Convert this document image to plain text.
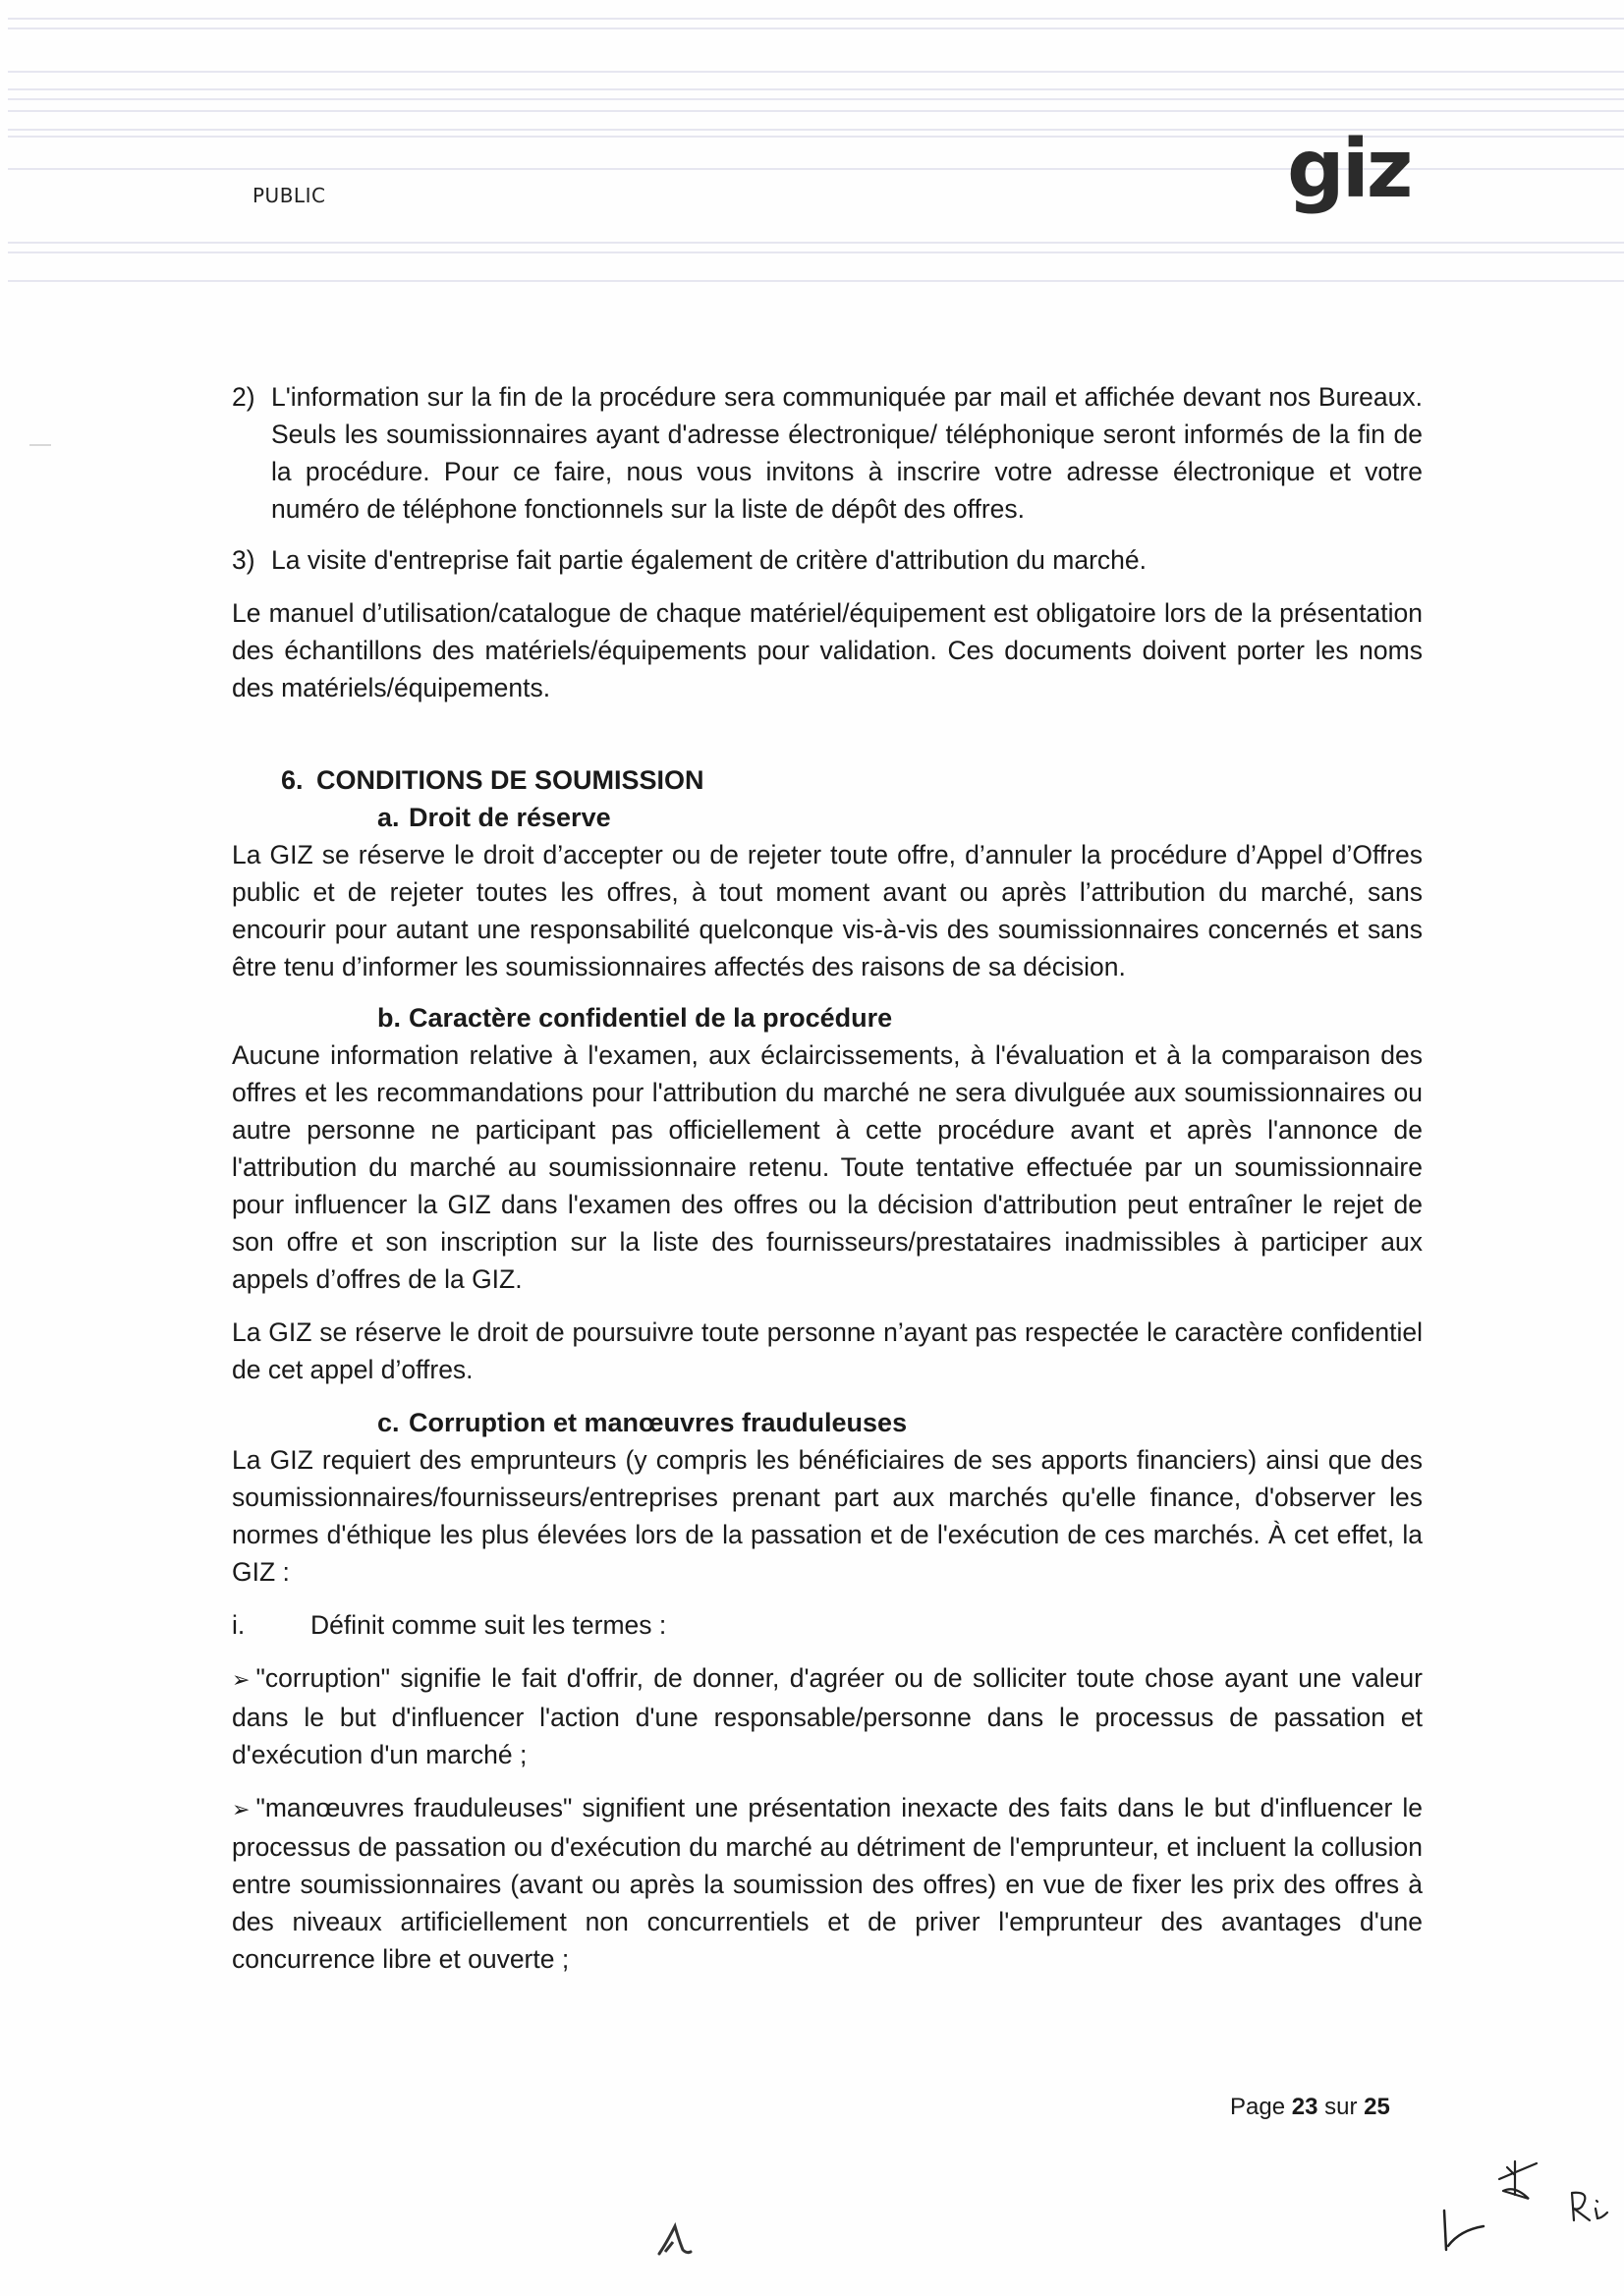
PUBLIC	giz
2) L'information sur la fin de la procédure sera communiquée par mail et affichée devant nos Bureaux. Seuls les soumissionnaires ayant d'adresse électronique/ téléphonique seront informés de la fin de la procédure. Pour ce faire, nous vous invitons à inscrire votre adresse électronique et votre numéro de téléphone fonctionnels sur la liste de dépôt des offres.

3) La visite d'entreprise fait partie également de critère d'attribution du marché.

Le manuel d’utilisation/catalogue de chaque matériel/équipement est obligatoire lors de la présentation des échantillons des matériels/équipements pour validation. Ces documents doivent porter les noms des matériels/équipements.

6. CONDITIONS DE SOUMISSION
a. Droit de réserve

La GIZ se réserve le droit d’accepter ou de rejeter toute offre, d’annuler la procédure d’Appel d’Offres public et de rejeter toutes les offres, à tout moment avant ou après l’attribution du marché, sans encourir pour autant une responsabilité quelconque vis-à-vis des soumissionnaires concernés et sans être tenu d’informer les soumissionnaires affectés des raisons de sa décision.

b. Caractère confidentiel de la procédure

Aucune information relative à l'examen, aux éclaircissements, à l'évaluation et à la comparaison des offres et les recommandations pour l'attribution du marché ne sera divulguée aux soumissionnaires ou autre personne ne participant pas officiellement à cette procédure avant et après l'annonce de l'attribution du marché au soumissionnaire retenu. Toute tentative effectuée par un soumissionnaire pour influencer la GIZ dans l'examen des offres ou la décision d'attribution peut entraîner le rejet de son offre et son inscription sur la liste des fournisseurs/prestataires inadmissibles à participer aux appels d’offres de la GIZ.

La GIZ se réserve le droit de poursuivre toute personne n’ayant pas respectée le caractère confidentiel de cet appel d’offres.

c. Corruption et manœuvres frauduleuses

La GIZ requiert des emprunteurs (y compris les bénéficiaires de ses apports financiers) ainsi que des soumissionnaires/fournisseurs/entreprises prenant part aux marchés qu'elle finance, d'observer les normes d'éthique les plus élevées lors de la passation et de l'exécution de ces marchés. À cet effet, la GIZ :

i.	Définit comme suit les termes :

➢ "corruption" signifie le fait d'offrir, de donner, d'agréer ou de solliciter toute chose ayant une valeur dans le but d'influencer l'action d'une responsable/personne dans le processus de passation et d'exécution d'un marché ;

➢ "manœuvres frauduleuses" signifient une présentation inexacte des faits dans le but d'influencer le processus de passation ou d'exécution du marché au détriment de l'emprunteur, et incluent la collusion entre soumissionnaires (avant ou après la soumission des offres) en vue de fixer les prix des offres à des niveaux artificiellement non concurrentiels et de priver l'emprunteur des avantages d'une concurrence libre et ouverte ;

Page 23 sur 25
